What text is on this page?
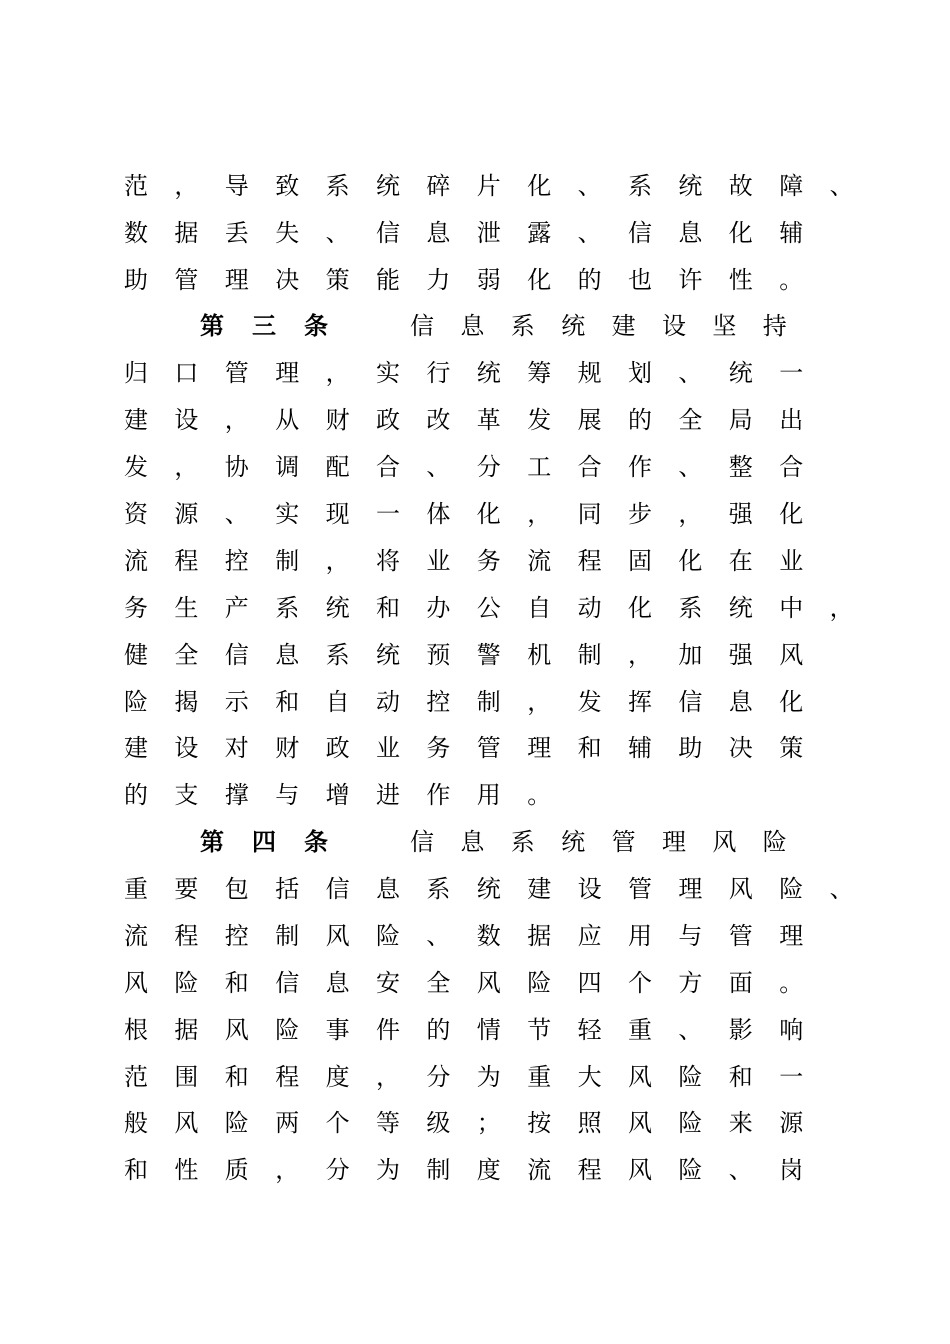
范	，	导	致	系	统	碎	片	化	、	系	统	故	障	、
数	据	丢	失	、	信	息	泄	露	、	信	息	化	辅
助	管	理	决	策	能	力	弱	化	的	也	许	性	。
第	三	条	信	息	系	统	建	设	坚	持
归	口	管	理	，	实	行	统	筹	规	划	、	统	一
建	设	，	从	财	政	改	革	发	展	的	全	局	出
发	，	协	调	配	合	、	分	工	合	作	、	整	合
资	源	、	实	现	一	体	化	，	同	步	，	强	化
流	程	控	制	，	将	业	务	流	程	固	化	在	业
务	生	产	系	统	和	办	公	自	动	化	系	统	中	，
健	全	信	息	系	统	预	警	机	制	，	加	强	风
险	揭	示	和	自	动	控	制	，	发	挥	信	息	化
建	设	对	财	政	业	务	管	理	和	辅	助	决	策
的	支	撑	与	增	进	作	用	。
第	四	条	信	息	系	统	管	理	风	险
重	要	包	括	信	息	系	统	建	设	管	理	风	险	、
流	程	控	制	风	险	、	数	据	应	用	与	管	理
风	险	和	信	息	安	全	风	险	四	个	方	面	。
根	据	风	险	事	件	的	情	节	轻	重	、	影	响
范	围	和	程	度	，	分	为	重	大	风	险	和	一
般	风	险	两	个	等	级	；	按	照	风	险	来	源
和	性	质	，	分	为	制	度	流	程	风	险	、	岗
